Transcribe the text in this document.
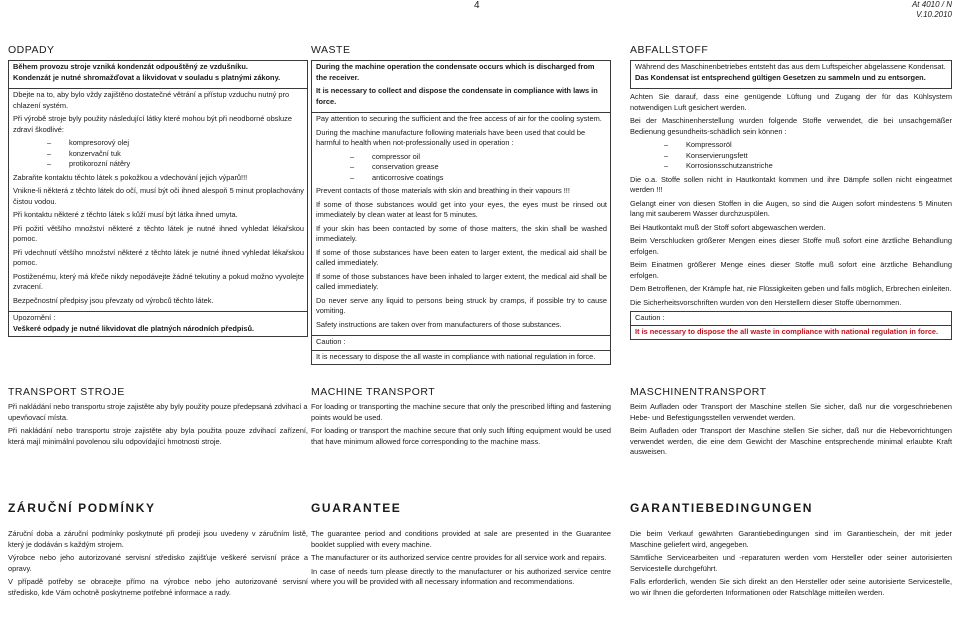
4	At 4010 / N
V.10.2010
ODPADY

Během provozu stroje vzniká kondenzát odpouštěný ze vzdušníku.

Kondenzát je nutné shromažďovat a likvidovat v souladu s platnými zákony.

Dbejte na to, aby bylo vždy zajištěno dostatečné větrání a přístup vzduchu nutný pro chlazení systém.

Při výrobě stroje byly použity následující látky které mohou být při neodborné obsluze zdraví škodlivé:

– kompresorový olej
– konzervační tuk
– protikorozní nátěry

Zabraňte kontaktu těchto látek s pokožkou a vdechování jejich výparů!!!

Vnikne-li některá z těchto látek do očí, musí být oči ihned alespoň 5 minut proplachovány čistou vodou.

Při kontaktu některé z těchto látek s kůží musí být látka ihned umyta.

Při požití většího množství některé z těchto látek je nutné ihned vyhledat lékařskou pomoc.

Při vdechnutí většího množství některé z těchto látek je nutné ihned vyhledat lékařskou pomoc.

Postiženému, který má křeče nikdy nepodávejte žádné tekutiny a pokud možno vyvolejte zvracení.

Bezpečnostní předpisy jsou převzaty od výrobců těchto látek.

Upozornění :
Veškeré odpady je nutné likvidovat dle platných národních předpisů.
WASTE

During the machine operation the condensate occurs which is discharged from the receiver.

It is necessary to collect and dispose the condensate in compliance with laws in force.

Pay attention to securing the sufficient and the free access of air for the cooling system.

During the machine manufacture following materials have been used that could be harmful to health when not-professionally used in operation :

– compressor oil
– conservation grease
– anticorrosive coatings

Prevent contacts of those materials with skin and breathing in their vapours !!!

If some of those substances would get into your eyes, the eyes must be rinsed out immediately by clean water at least for 5 minutes.

If your skin has been contacted by some of those matters, the skin shall be washed immediately.

If some of those substances have been eaten to larger extent, the medical aid shall be called immediately.

If some of those substances have been inhaled to larger extent, the medical aid shall be called immediately.

Do never serve any liquid to persons being struck by cramps, if possible try to cause vomiting.

Safety instructions are taken over from manufacturers of those substances.

Caution :
It is necessary to dispose the all waste in compliance with national regulation in force.
ABFALLSTOFF

Während des Maschinenbetriebes entsteht das aus dem Luftspeicher abgelassene Kondensat.

Das Kondensat ist entsprechend gültigen Gesetzen zu sammeln und zu entsorgen.

Achten Sie darauf, dass eine genügende Lüftung und Zugang der für das Kühlsystem notwendigen Luft gesichert werden.

Bei der Maschinenherstellung wurden folgende Stoffe verwendet, die bei unsachgemäßer Bedienung gesundheits-schädlich sein können :

– Kompressoröl
– Konservierungsfett
– Korrosionsschutzanstriche

Die o.a. Stoffe sollen nicht in Hautkontakt kommen und ihre Dämpfe sollen nicht eingeatmet werden !!!

Gelangt einer von diesen Stoffen in die Augen, so sind die Augen sofort mindestens 5 Minuten lang mit sauberem Wasser durchzuspülen.

Bei Hautkontakt muß der Stoff sofort abgewaschen werden.

Beim Verschlucken größerer Mengen eines dieser Stoffe muß sofort eine ärztliche Behandlung erfolgen.

Beim Einatmen größerer Menge eines dieser Stoffe muß sofort eine ärztliche Behandlung erfolgen.

Dem Betroffenen, der Krämpfe hat, nie Flüssigkeiten geben und falls möglich, Erbrechen einleiten.

Die Sicherheitsvorschriften wurden von den Herstellern dieser Stoffe übernommen.

Caution :
It is necessary to dispose the all waste in compliance with national regulation in force.
TRANSPORT STROJE

Při nakládání nebo transportu stroje zajistěte aby byly použity pouze předepsaná zdvihací a upevňovací místa.

Při nakládání nebo transportu stroje zajistěte aby byla použita pouze zdvihací zařízení, která mají minimální povolenou silu odpovídající hmotnosti stroje.

MACHINE TRANSPORT

For loading or transporting the machine secure that only the prescribed lifting and fastening points would be used.

For loading or transport the machine secure that only such lifting equipment would be used that have minimum allowed force corresponding to the machine mass.

MASCHINENTRANSPORT

Beim Aufladen oder Transport der Maschine stellen Sie sicher, daß nur die vorgeschriebenen Hebe- und Befestigungsstellen verwendet werden.

Beim Aufladen oder Transport der Maschine stellen Sie sicher, daß nur die Hebevorrichtungen verwendet werden, die eine dem Gewicht der Maschine entsprechende minimal erlaubte Kraft ausweisen.

ZÁRUČNÍ PODMÍNKY

Záruční doba a záruční podmínky poskytnuté při prodeji jsou uvedeny v záručním listě, který je dodáván s každým strojem.

Výrobce nebo jeho autorizované servisní středisko zajišťuje veškeré servisní práce a opravy.

V případě potřeby se obracejte přímo na výrobce nebo jeho autorizované servisní středisko, kde Vám ochotně poskytneme potřebné informace a rady.

GUARANTEE

The guarantee period and conditions provided at sale are presented in the Guarantee booklet supplied with every machine.

The manufacturer or its authorized service centre provides for all service work and repairs.

In case of needs turn please directly to the manufacturer or his authorized service centre where you will be provided with all necessary information and recommendations.

GARANTIEBEDINGUNGEN

Die beim Verkauf gewährten Garantiebedingungen sind im Garantieschein, der mit jeder Maschine geliefert wird, angegeben.

Sämtliche Servicearbeiten und -reparaturen werden vom Hersteller oder seiner autorisierten Servicestelle durchgeführt.

Falls erforderlich, wenden Sie sich direkt an den Hersteller oder seine autorisierte Servicestelle, wo wir Ihnen die geforderten Informationen oder Ratschläge mitteilen werden.
